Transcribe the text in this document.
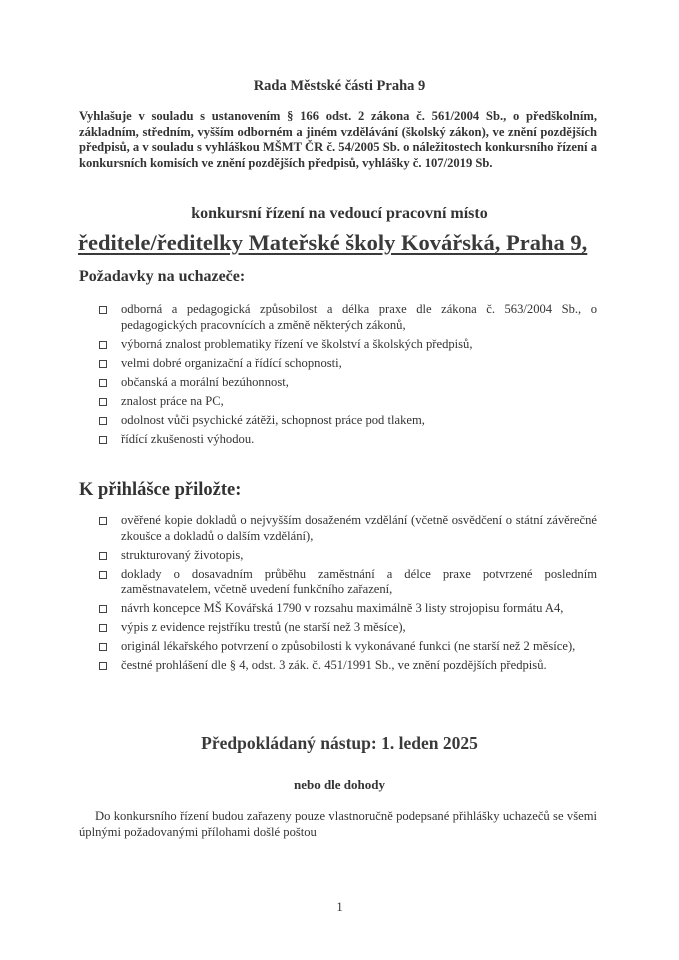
Rada Městské části Praha 9
Vyhlašuje v souladu s ustanovením § 166 odst. 2 zákona č. 561/2004 Sb., o předškolním, základním, středním, vyšším odborném a jiném vzdělávání (školský zákon), ve znění pozdějších předpisů, a v souladu s vyhláškou MŠMT ČR č. 54/2005 Sb. o náležitostech konkursního řízení a konkursních komisích ve znění pozdějších předpisů, vyhlášky č. 107/2019 Sb.
konkursní řízení na vedoucí pracovní místo
ředitele/ředitelky Mateřské školy Kovářská, Praha 9,
Požadavky na uchazeče:
odborná a pedagogická způsobilost a délka praxe dle zákona č. 563/2004 Sb., o pedagogických pracovnících a změně některých zákonů,
výborná znalost problematiky řízení ve školství a školských předpisů,
velmi dobré organizační a řídící schopnosti,
občanská a morální bezúhonnost,
znalost práce na PC,
odolnost vůči psychické zátěži, schopnost práce pod tlakem,
řídící zkušenosti výhodou.
K přihlášce přiložte:
ověřené kopie dokladů o nejvyšším dosaženém vzdělání (včetně osvědčení o státní závěrečné zkoušce a dokladů o dalším vzdělání),
strukturovaný životopis,
doklady o dosavadním průběhu zaměstnání a délce praxe potvrzené posledním zaměstnavatelem, včetně uvedení funkčního zařazení,
návrh koncepce MŠ Kovářská 1790 v rozsahu maximálně 3 listy strojopisu formátu A4,
výpis z evidence rejstříku trestů (ne starší než 3 měsíce),
originál lékařského potvrzení o způsobilosti k vykonávané funkci (ne starší než 2 měsíce),
čestné prohlášení dle § 4, odst. 3 zák. č. 451/1991 Sb., ve znění pozdějších předpisů.
Předpokládaný nástup: 1. leden 2025
nebo dle dohody
Do konkursního řízení budou zařazeny pouze vlastnoručně podepsané přihlášky uchazečů se všemi úplnými požadovanými přílohami došlé poštou
1
